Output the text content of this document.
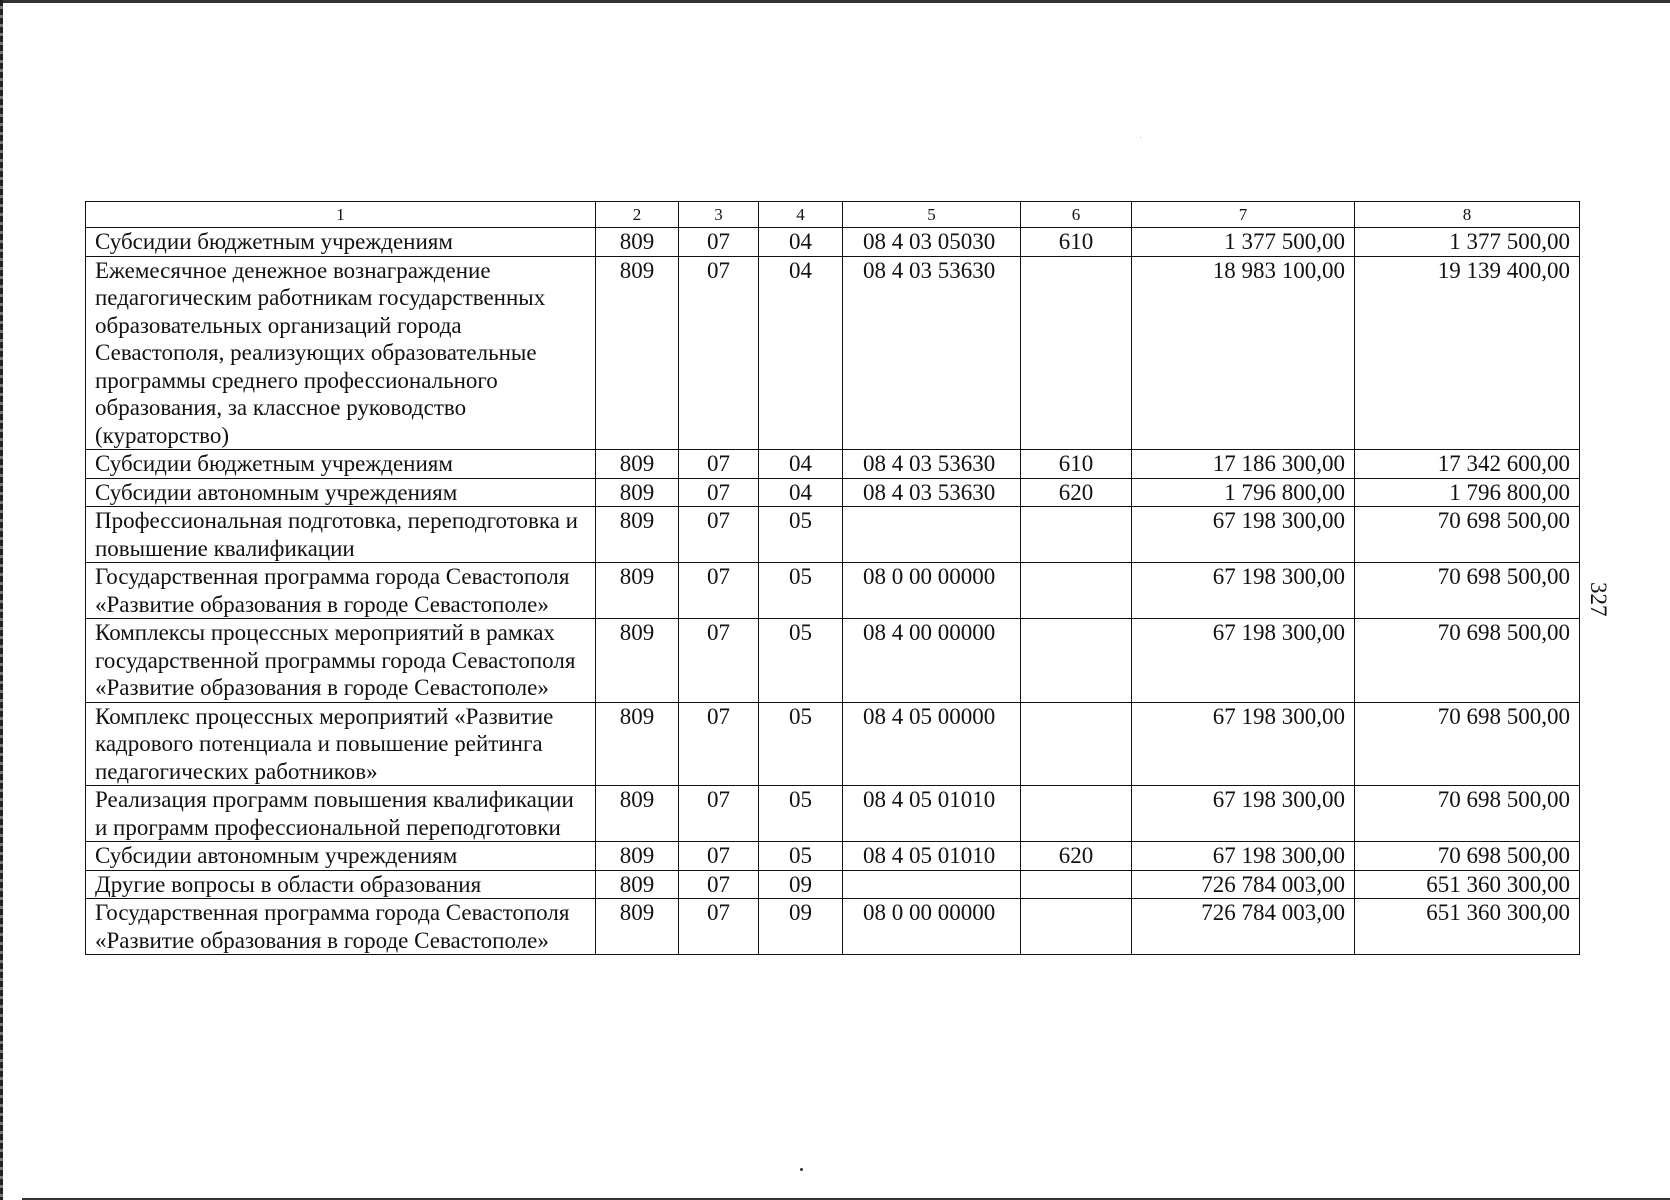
327
1	2	3	4	5	6	7	8
Субсидии бюджетным учреждениям	809	07	04	08 4 03 05030	610	1 377 500,00	1 377 500,00
Ежемесячное денежное вознаграждение педагогическим работникам государственных образовательных организаций города Севастополя, реализующих образовательные программы среднего профессионального образования, за классное руководство (кураторство)	809	07	04	08 4 03 53630		18 983 100,00	19 139 400,00
Субсидии бюджетным учреждениям	809	07	04	08 4 03 53630	610	17 186 300,00	17 342 600,00
Субсидии автономным учреждениям	809	07	04	08 4 03 53630	620	1 796 800,00	1 796 800,00
Профессиональная подготовка, переподготовка и повышение квалификации	809	07	05			67 198 300,00	70 698 500,00
Государственная программа города Севастополя «Развитие образования в городе Севастополе»	809	07	05	08 0 00 00000		67 198 300,00	70 698 500,00
Комплексы процессных мероприятий в рамках государственной программы города Севастополя «Развитие образования в городе Севастополе»	809	07	05	08 4 00 00000		67 198 300,00	70 698 500,00
Комплекс процессных мероприятий «Развитие кадрового потенциала и повышение рейтинга педагогических работников»	809	07	05	08 4 05 00000		67 198 300,00	70 698 500,00
Реализация программ повышения квалификации и программ профессиональной переподготовки	809	07	05	08 4 05 01010		67 198 300,00	70 698 500,00
Субсидии автономным учреждениям	809	07	05	08 4 05 01010	620	67 198 300,00	70 698 500,00
Другие вопросы в области образования	809	07	09			726 784 003,00	651 360 300,00
Государственная программа города Севастополя «Развитие образования в городе Севастополе»	809	07	09	08 0 00 00000		726 784 003,00	651 360 300,00
